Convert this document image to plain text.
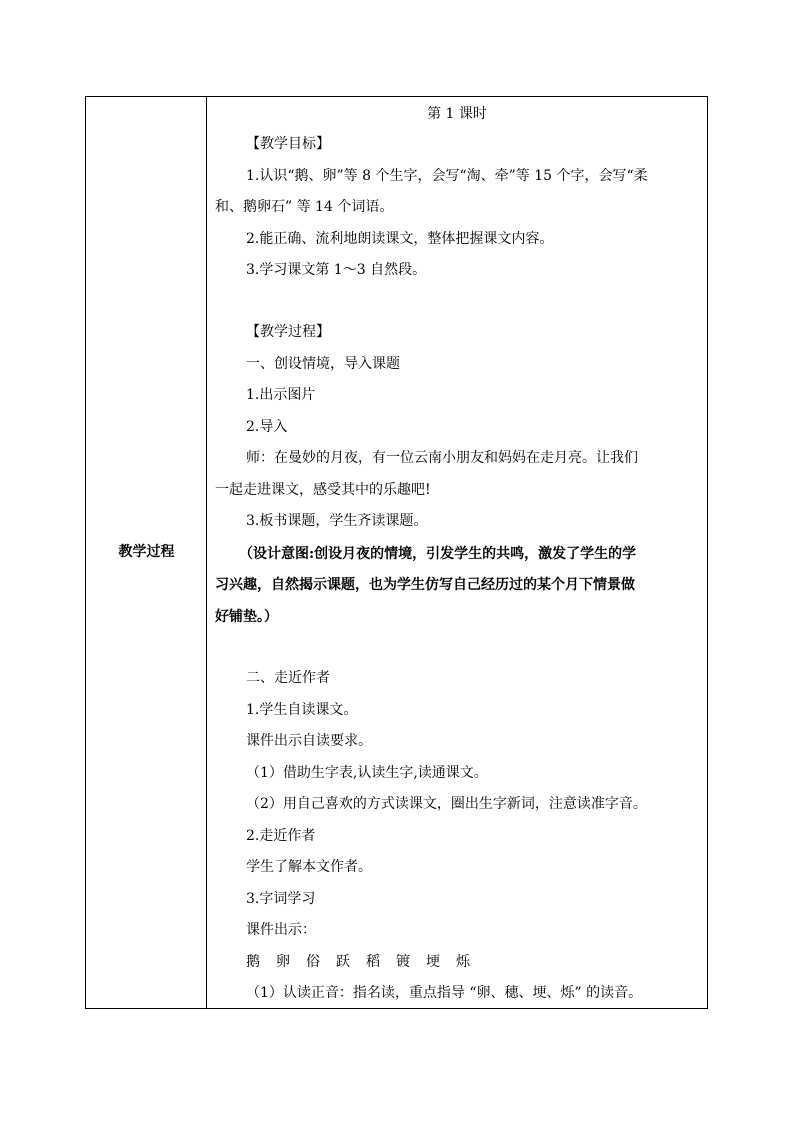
教学过程
第 1 课时
【教学目标】
1.认识“鹅、卵”等 8 个生字，会写“淘、牵”等 15 个字，会写“柔
和、鹅卵石” 等 14 个词语。
2.能正确、流利地朗读课文，整体把握课文内容。
3.学习课文第 1～3 自然段。
【教学过程】
一、创设情境，导入课题
1.出示图片
2.导入
师：在曼妙的月夜，有一位云南小朋友和妈妈在走月亮。让我们
一起走进课文，感受其中的乐趣吧!
3.板书课题，学生齐读课题。
（设计意图:创设月夜的情境，引发学生的共鸣，激发了学生的学
习兴趣，自然揭示课题，也为学生仿写自己经历过的某个月下情景做
好铺垫。）
二、走近作者
1.学生自读课文。
课件出示自读要求。
（1）借助生字表,认读生字,读通课文。
（2）用自己喜欢的方式读课文，圈出生字新词，注意读准字音。
2.走近作者
学生了解本文作者。
3.字词学习
课件出示：
鹅卵俗跃稻镀埂烁
（1）认读正音：指名读，重点指导 “卵、穗、埂、烁” 的读音。
